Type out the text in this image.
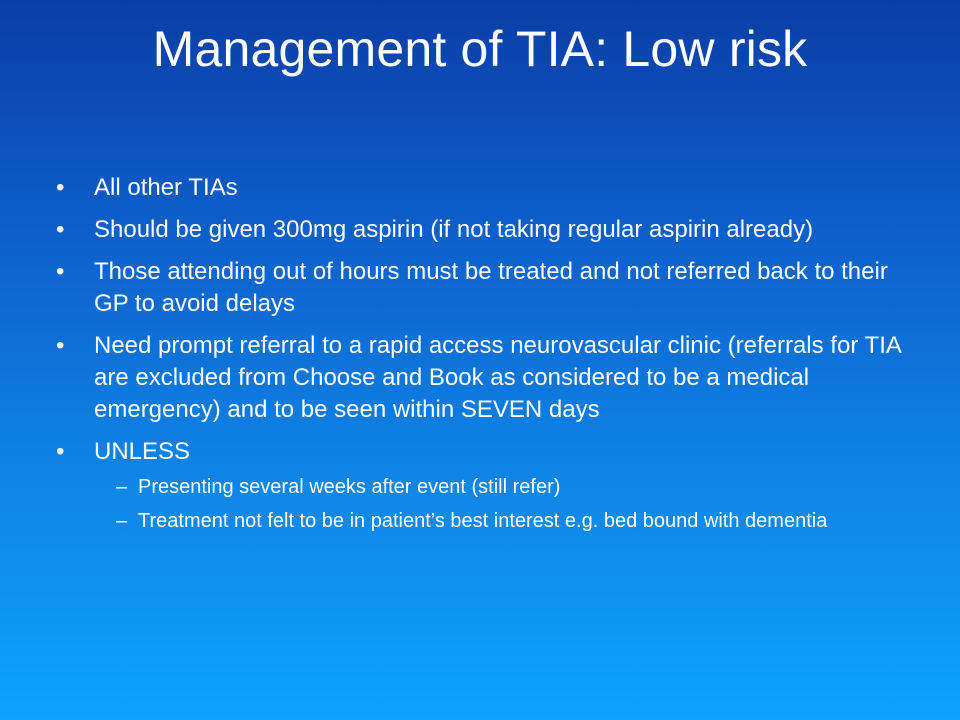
Management of TIA: Low risk
•	All other TIAs
•	Should be given 300mg aspirin (if not taking regular aspirin already)
•	Those attending out of hours must be treated and not referred back to their GP to avoid delays
•	Need prompt referral to a rapid access neurovascular clinic (referrals for TIA are excluded from Choose and Book as considered to be a medical emergency) and to be seen within SEVEN days
•	UNLESS
– Presenting several weeks after event (still refer)
– Treatment not felt to be in patient’s best interest e.g. bed bound with dementia
